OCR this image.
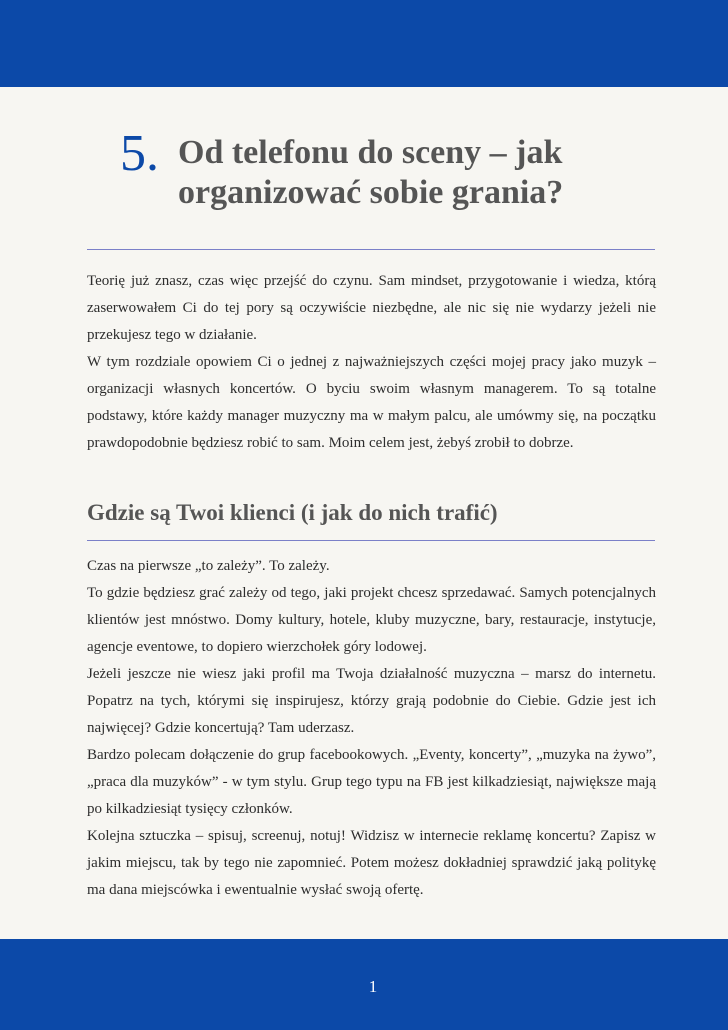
5. Od telefonu do sceny – jak organizować sobie grania?

Teorię już znasz, czas więc przejść do czynu. Sam mindset, przygotowanie i wiedza, którą zaserwowałem Ci do tej pory są oczywiście niezbędne, ale nic się nie wydarzy jeżeli nie przekujesz tego w działanie.

W tym rozdziale opowiem Ci o jednej z najważniejszych części mojej pracy jako muzyk – organizacji własnych koncertów. O byciu swoim własnym managerem. To są totalne podstawy, które każdy manager muzyczny ma w małym palcu, ale umówmy się, na początku prawdopodobnie będziesz robić to sam. Moim celem jest, żebyś zrobił to dobrze.

Gdzie są Twoi klienci (i jak do nich trafić)

Czas na pierwsze „to zależy”. To zależy.

To gdzie będziesz grać zależy od tego, jaki projekt chcesz sprzedawać. Samych potencjalnych klientów jest mnóstwo. Domy kultury, hotele, kluby muzyczne, bary, restauracje, instytucje, agencje eventowe, to dopiero wierzchołek góry lodowej.

Jeżeli jeszcze nie wiesz jaki profil ma Twoja działalność muzyczna – marsz do internetu. Popatrz na tych, którymi się inspirujesz, którzy grają podobnie do Ciebie. Gdzie jest ich najwięcej? Gdzie koncertują? Tam uderzasz.

Bardzo polecam dołączenie do grup facebookowych. „Eventy, koncerty”, „muzyka na żywo”, „praca dla muzyków” - w tym stylu. Grup tego typu na FB jest kilkadziesiąt, największe mają po kilkadziesiąt tysięcy członków.

Kolejna sztuczka – spisuj, screenuj, notuj! Widzisz w internecie reklamę koncertu? Zapisz w jakim miejscu, tak by tego nie zapomnieć. Potem możesz dokładniej sprawdzić jaką politykę ma dana miejscówka i ewentualnie wysłać swoją ofertę.

1
